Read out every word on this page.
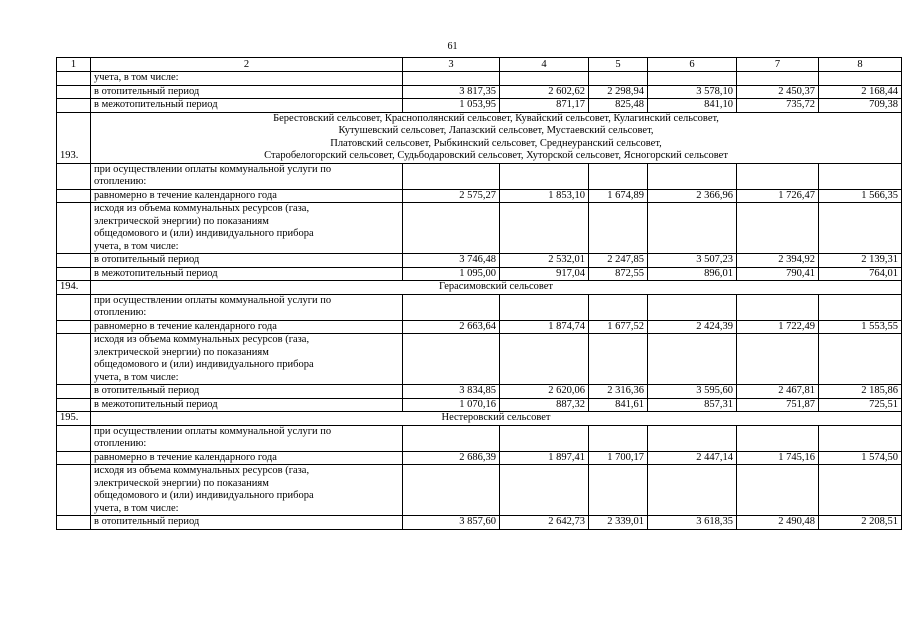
61
1	2	3	4	5	6	7	8

	учета, в том числе:						

	в отопительный период	3 817,35	2 602,62	2 298,94	3 578,10	2 450,37	2 168,44

	в межотопительный период	1 053,95	871,17	825,48	841,10	735,72	709,38
193.	Берестовский сельсовет, Краснополянский сельсовет, Кувайский сельсовет, Кулагинский сельсовет,
Кутушевский сельсовет, Лапазский сельсовет, Мустаевский сельсовет,
Платовский сельсовет, Рыбкинский сельсовет, Среднеуранский сельсовет,
Старобелогорский сельсовет, Судьбодаровский сельсовет, Хуторской сельсовет, Ясногорский сельсовет						

	при осуществлении оплаты коммунальной услуги по
отоплению:						

	равномерно в течение календарного года	2 575,27	1 853,10	1 674,89	2 366,96	1 726,47	1 566,35

	исходя из объема коммунальных ресурсов (газа,
электрической энергии) по показаниям
общедомового и (или) индивидуального прибора
учета, в том числе:						

	в отопительный период	3 746,48	2 532,01	2 247,85	3 507,23	2 394,92	2 139,31

	в межотопительный период	1 095,00	917,04	872,55	896,01	790,41	764,01
194.	Герасимовский сельсовет						

	при осуществлении оплаты коммунальной услуги по
отоплению:						

	равномерно в течение календарного года	2 663,64	1 874,74	1 677,52	2 424,39	1 722,49	1 553,55

	исходя из объема коммунальных ресурсов (газа,
электрической энергии) по показаниям
общедомового и (или) индивидуального прибора
учета, в том числе:						

	в отопительный период	3 834,85	2 620,06	2 316,36	3 595,60	2 467,81	2 185,86

	в межотопительный период	1 070,16	887,32	841,61	857,31	751,87	725,51
195.	Нестеровский сельсовет						

	при осуществлении оплаты коммунальной услуги по
отоплению:						

	равномерно в течение календарного года	2 686,39	1 897,41	1 700,17	2 447,14	1 745,16	1 574,50

	исходя из объема коммунальных ресурсов (газа,
электрической энергии) по показаниям
общедомового и (или) индивидуального прибора
учета, в том числе:						

	в отопительный период	3 857,60	2 642,73	2 339,01	3 618,35	2 490,48	2 208,51
